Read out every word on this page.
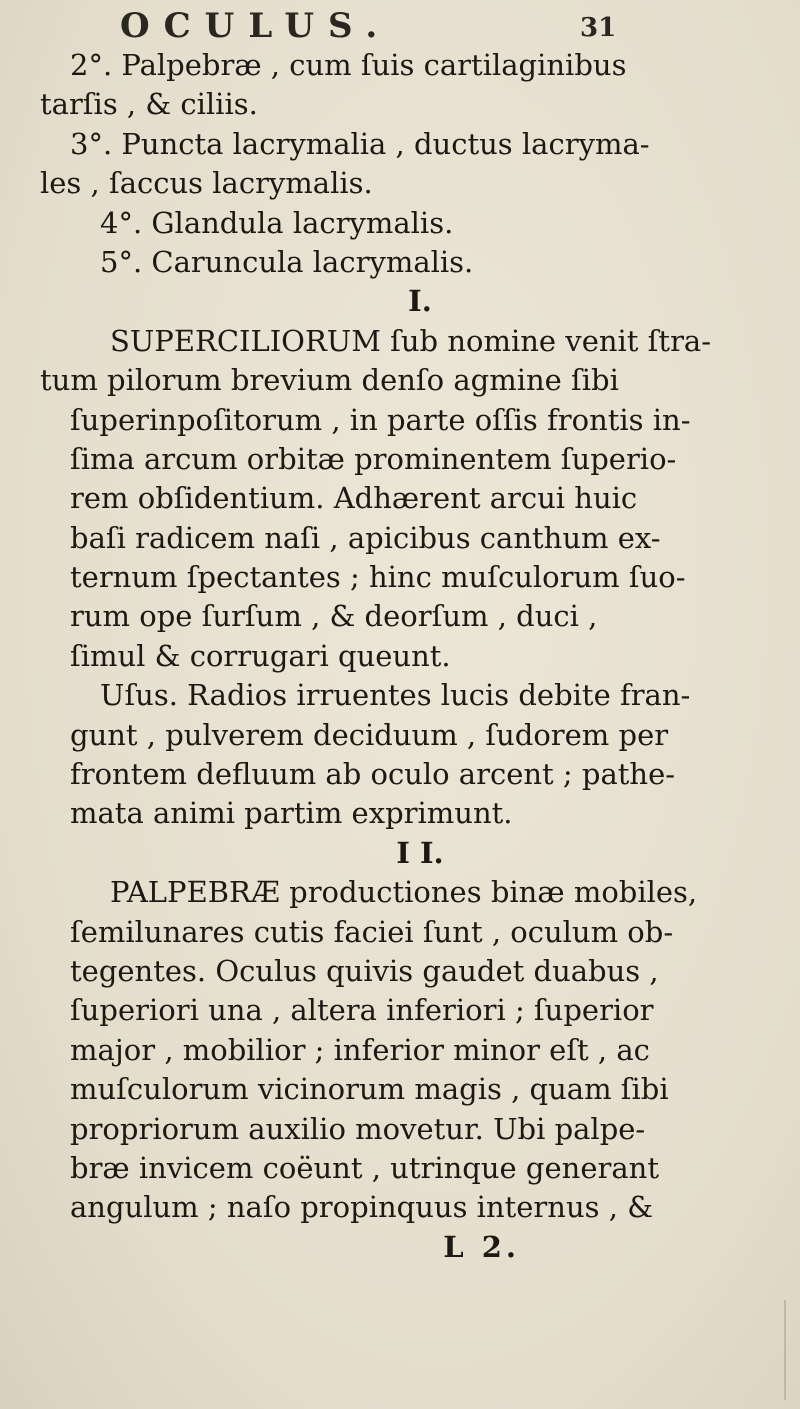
OCULUS.	31
2°. Palpebræ , cum ſuis cartilaginibus
tarſis , & ciliis.
3°. Puncta lacrymalia , ductus lacryma-
les , ſaccus lacrymalis.
4°. Glandula lacrymalis.
5°. Caruncula lacrymalis.
I.
SUPERCILIORUM ſub nomine venit ſtra-
tum pilorum brevium denſo agmine ſibi
ſuperinpoſitorum , in parte oſſis frontis in-
ſima arcum orbitæ prominentem ſuperio-
rem obſidentium. Adhærent arcui huic
baſi radicem naſi , apicibus canthum ex-
ternum ſpectantes ; hinc muſculorum ſuo-
rum ope ſurſum , & deorſum , duci ,
ſimul & corrugari queunt.
Uſus. Radios irruentes lucis debite fran-
gunt , pulverem deciduum , ſudorem per
frontem defluum ab oculo arcent ; pathe-
mata animi partim exprimunt.
I I.
PALPEBRÆ productiones binæ mobiles,
ſemilunares cutis faciei ſunt , oculum ob-
tegentes. Oculus quivis gaudet duabus ,
ſuperiori una , altera inferiori ; ſuperior
major , mobilior ; inferior minor eſt , ac
muſculorum vicinorum magis , quam ſibi
propriorum auxilio movetur. Ubi palpe-
bræ invicem coëunt , utrinque generant
angulum ; naſo propinquus internus , &
L 2.
